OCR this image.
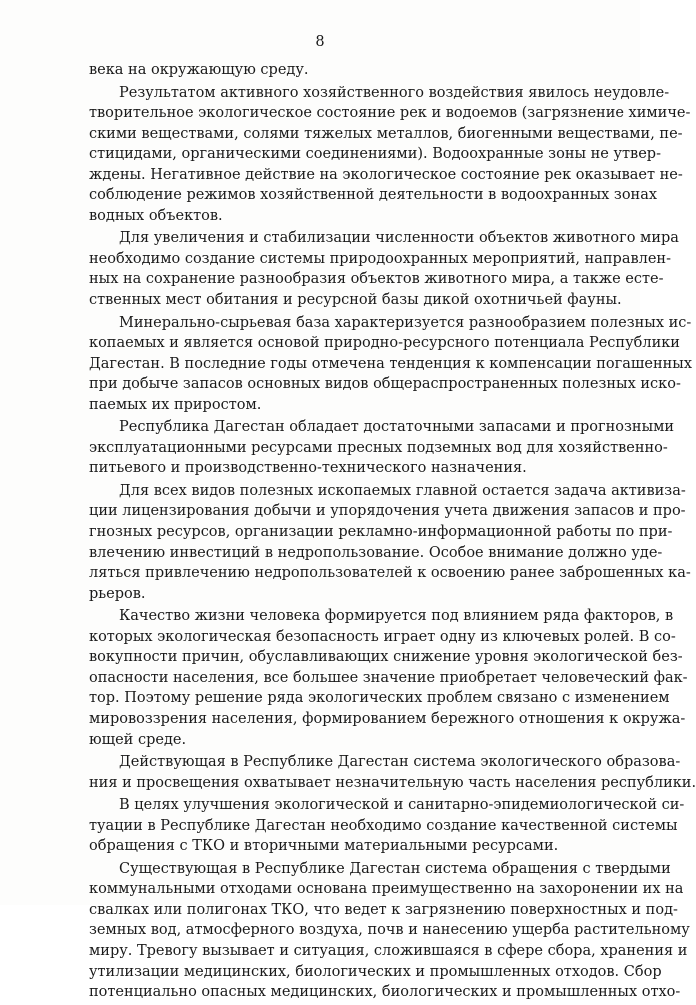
8
века на окружающую среду.
Результатом активного хозяйственного воздействия явилось неудовле-
творительное экологическое состояние рек и водоемов (загрязнение химиче-
скими веществами, солями тяжелых металлов, биогенными веществами, пе-
стицидами, органическими соединениями). Водоохранные зоны не утвер-
ждены. Негативное действие на экологическое состояние рек оказывает не-
соблюдение режимов хозяйственной деятельности в водоохранных зонах
водных объектов.
Для увеличения и стабилизации численности объектов животного мира
необходимо создание системы природоохранных мероприятий, направлен-
ных на сохранение разнообразия объектов животного мира, а также есте-
ственных мест обитания и ресурсной базы дикой охотничьей фауны.
Минерально-сырьевая база характеризуется разнообразием полезных ис-
копаемых и является основой природно-ресурсного потенциала Республики
Дагестан. В последние годы отмечена тенденция к компенсации погашенных
при добыче запасов основных видов общераспространенных полезных иско-
паемых их приростом.
Республика Дагестан обладает достаточными запасами и прогнозными
эксплуатационными ресурсами пресных подземных вод для хозяйственно-
питьевого и производственно-технического назначения.
Для всех видов полезных ископаемых главной остается задача активиза-
ции лицензирования добычи и упорядочения учета движения запасов и про-
гнозных ресурсов, организации рекламно-информационной работы по при-
влечению инвестиций в недропользование. Особое внимание должно уде-
ляться привлечению недропользователей к освоению ранее заброшенных ка-
рьеров.
Качество жизни человека формируется под влиянием ряда факторов, в
которых экологическая безопасность играет одну из ключевых ролей. В со-
вокупности причин, обуславливающих снижение уровня экологической без-
опасности населения, все большее значение приобретает человеческий фак-
тор. Поэтому решение ряда экологических проблем связано с изменением
мировоззрения населения, формированием бережного отношения к окружа-
ющей среде.
Действующая в Республике Дагестан система экологического образова-
ния и просвещения охватывает незначительную часть населения республики.
В целях улучшения экологической и санитарно-эпидемиологической си-
туации в Республике Дагестан необходимо создание качественной системы
обращения с ТКО и вторичными материальными ресурсами.
Существующая в Республике Дагестан система обращения с твердыми
коммунальными отходами основана преимущественно на захоронении их на
свалках или полигонах ТКО, что ведет к загрязнению поверхностных и под-
земных вод, атмосферного воздуха, почв и нанесению ущерба растительному
миру. Тревогу вызывает и ситуация, сложившаяся в сфере сбора, хранения и
утилизации медицинских, биологических и промышленных отходов. Сбор
потенциально опасных медицинских, биологических и промышленных отхо-
